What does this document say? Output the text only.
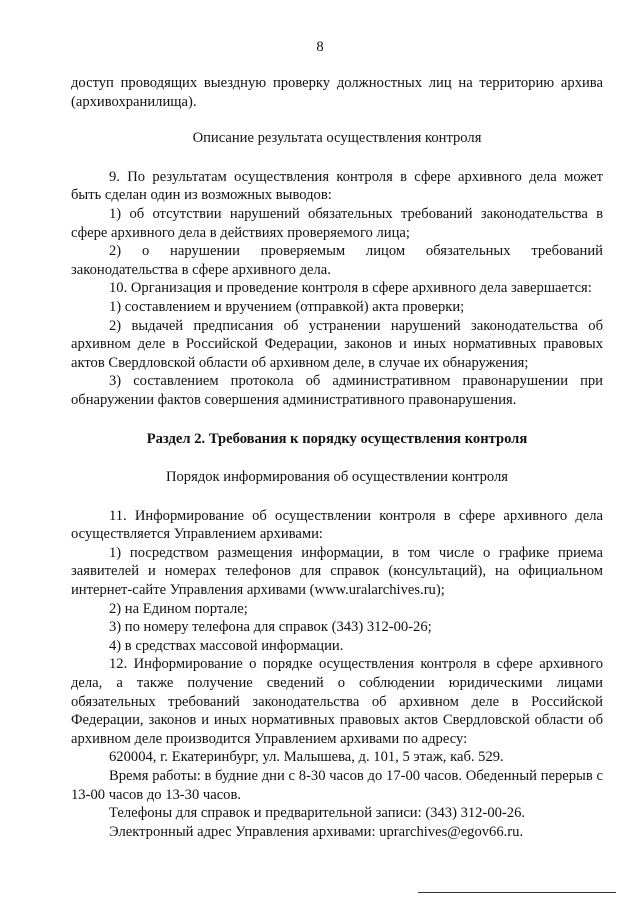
8

доступ проводящих выездную проверку должностных лиц на территорию архива (архивохранилища).

Описание результата осуществления контроля

9. По результатам осуществления контроля в сфере архивного дела может быть сделан один из возможных выводов:

1) об отсутствии нарушений обязательных требований законодательства в сфере архивного дела в действиях проверяемого лица;

2) о нарушении проверяемым лицом обязательных требований законодательства в сфере архивного дела.

10. Организация и проведение контроля в сфере архивного дела завершается:

1) составлением и вручением (отправкой) акта проверки;

2) выдачей предписания об устранении нарушений законодательства об архивном деле в Российской Федерации, законов и иных нормативных правовых актов Свердловской области об архивном деле, в случае их обнаружения;

3) составлением протокола об административном правонарушении при обнаружении фактов совершения административного правонарушения.

Раздел 2. Требования к порядку осуществления контроля

Порядок информирования об осуществлении контроля

11. Информирование об осуществлении контроля в сфере архивного дела осуществляется Управлением архивами:

1) посредством размещения информации, в том числе о графике приема заявителей и номерах телефонов для справок (консультаций), на официальном интернет-сайте Управления архивами (www.uralarchives.ru);

2) на Едином портале;

3) по номеру телефона для справок (343) 312-00-26;

4) в средствах массовой информации.

12. Информирование о порядке осуществления контроля в сфере архивного дела, а также получение сведений о соблюдении юридическими лицами обязательных требований законодательства об архивном деле в Российской Федерации, законов и иных нормативных правовых актов Свердловской области об архивном деле производится Управлением архивами по адресу:

620004, г. Екатеринбург, ул. Малышева, д. 101, 5 этаж, каб. 529.

Время работы: в будние дни с 8-30 часов до 17-00 часов. Обеденный перерыв с 13-00 часов до 13-30 часов.

Телефоны для справок и предварительной записи: (343) 312-00-26.

Электронный адрес Управления архивами: uprarchives@egov66.ru.
